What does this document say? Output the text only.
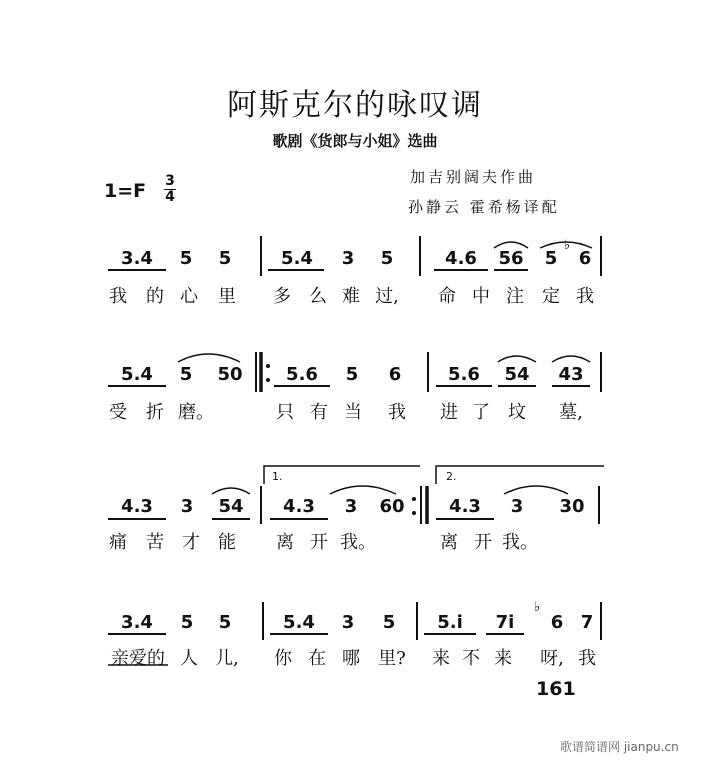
阿斯克尔的咏叹调
歌剧《货郎与小姐》选曲
1=F 3
4
加吉别阔夫作曲
孙静云 霍希杨译配
3.4	5 5	5.4	3 5	4.6	56	5
♭
6
我	的 心	里	多	么 难 过,	命 中 注	定 我
5.4	5	50	5.6	5 6	5.6	54	43
受	折 磨。	只 有 当	我	进 了	坟	墓,
1.	2.
4.3	3	54	4.3	3	60	4.3	3	30
痛	苦	才	能	离 开 我。	离 开 我。
3.4	5 5	5.4	3 5	5.i	7i
♭
6 7
亲爱的 人 儿,	你 在 哪	里?	来 不 来	呀, 我
161
歌谱简谱网 jianpu.cn
